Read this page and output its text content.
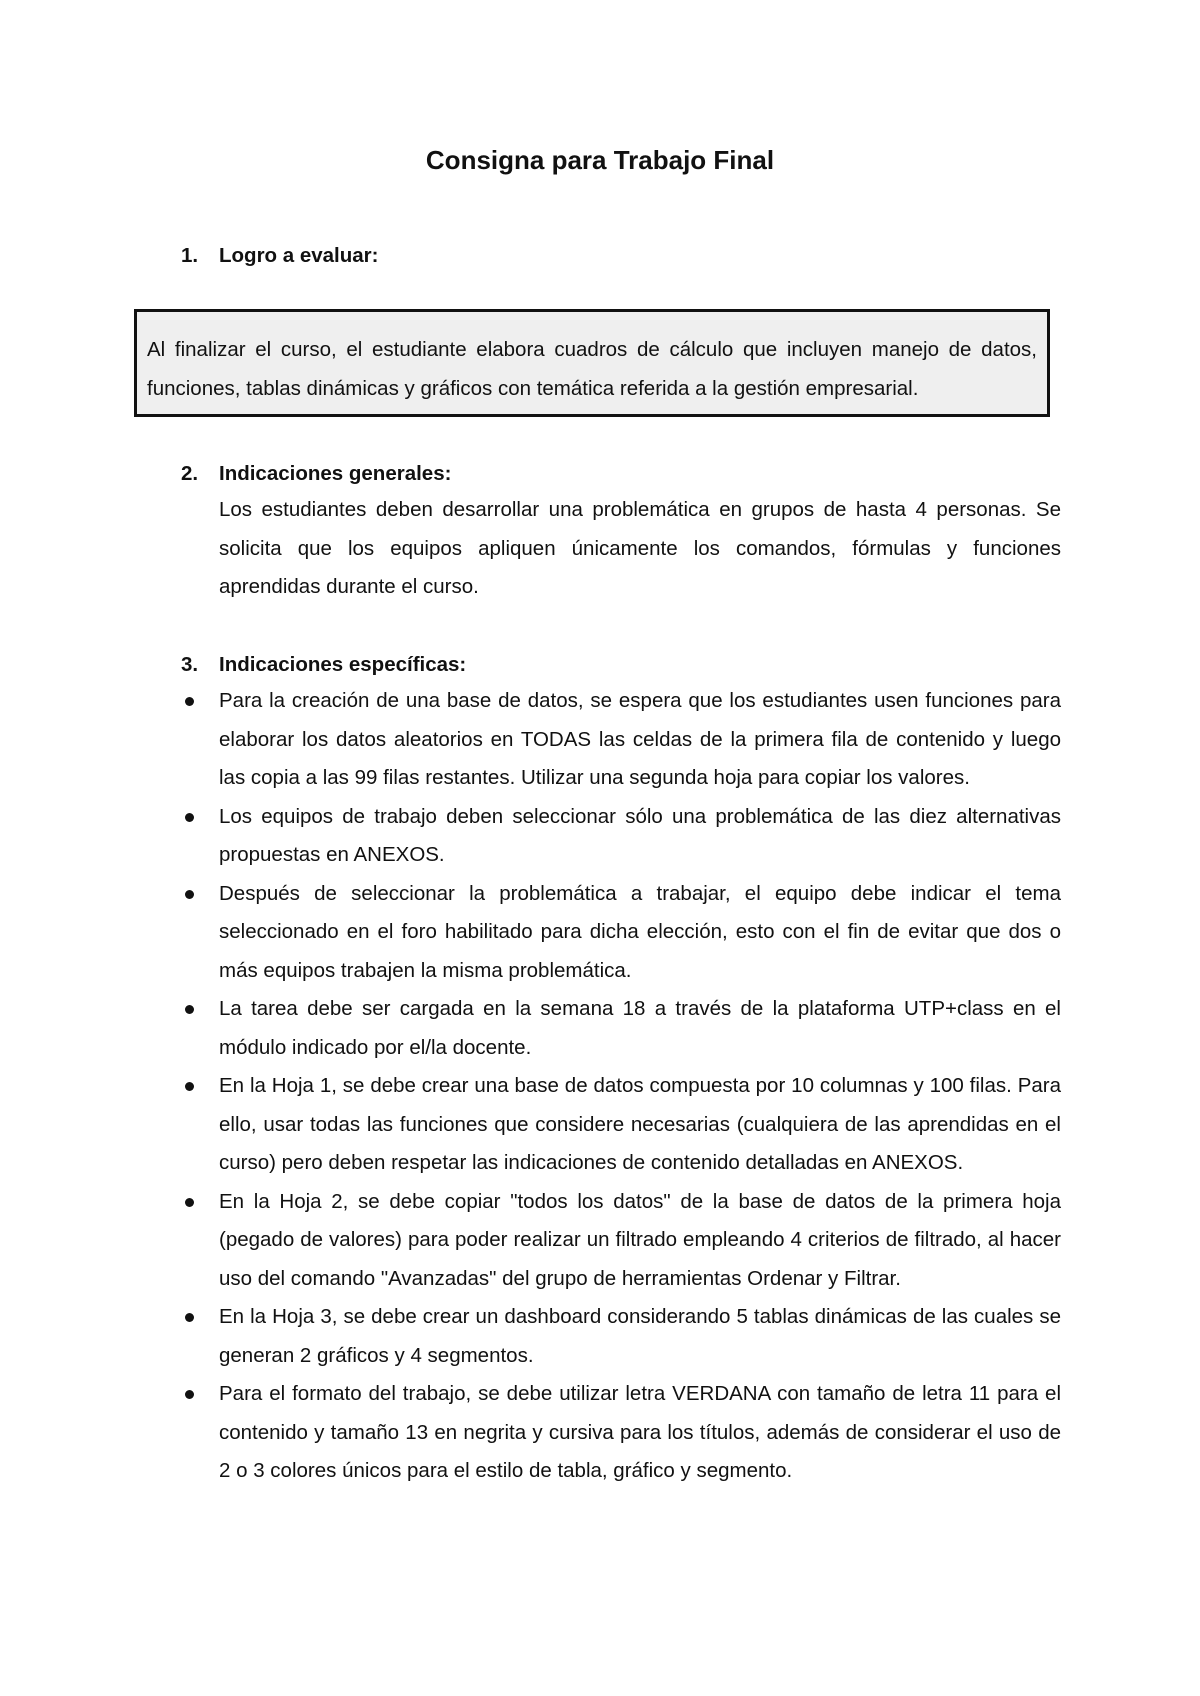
Consigna para Trabajo Final
1. Logro a evaluar:

Al finalizar el curso, el estudiante elabora cuadros de cálculo que incluyen manejo de datos, funciones, tablas dinámicas y gráficos con temática referida a la gestión empresarial.

2. Indicaciones generales:

Los estudiantes deben desarrollar una problemática en grupos de hasta 4 personas. Se solicita que los equipos apliquen únicamente los comandos, fórmulas y funciones aprendidas durante el curso.

3. Indicaciones específicas:
Para la creación de una base de datos, se espera que los estudiantes usen funciones para elaborar los datos aleatorios en TODAS las celdas de la primera fila de contenido y luego las copia a las 99 filas restantes. Utilizar una segunda hoja para copiar los valores.
Los equipos de trabajo deben seleccionar sólo una problemática de las diez alternativas propuestas en ANEXOS.
Después de seleccionar la problemática a trabajar, el equipo debe indicar el tema seleccionado en el foro habilitado para dicha elección, esto con el fin de evitar que dos o más equipos trabajen la misma problemática.
La tarea debe ser cargada en la semana 18 a través de la plataforma UTP+class en el módulo indicado por el/la docente.
En la Hoja 1, se debe crear una base de datos compuesta por 10 columnas y 100 filas. Para ello, usar todas las funciones que considere necesarias (cualquiera de las aprendidas en el curso) pero deben respetar las indicaciones de contenido detalladas en ANEXOS.
En la Hoja 2, se debe copiar "todos los datos" de la base de datos de la primera hoja (pegado de valores) para poder realizar un filtrado empleando 4 criterios de filtrado, al hacer uso del comando "Avanzadas" del grupo de herramientas Ordenar y Filtrar.
En la Hoja 3, se debe crear un dashboard considerando 5 tablas dinámicas de las cuales se generan 2 gráficos y 4 segmentos.
Para el formato del trabajo, se debe utilizar letra VERDANA con tamaño de letra 11 para el contenido y tamaño 13 en negrita y cursiva para los títulos, además de considerar el uso de 2 o 3 colores únicos para el estilo de tabla, gráfico y segmento.
